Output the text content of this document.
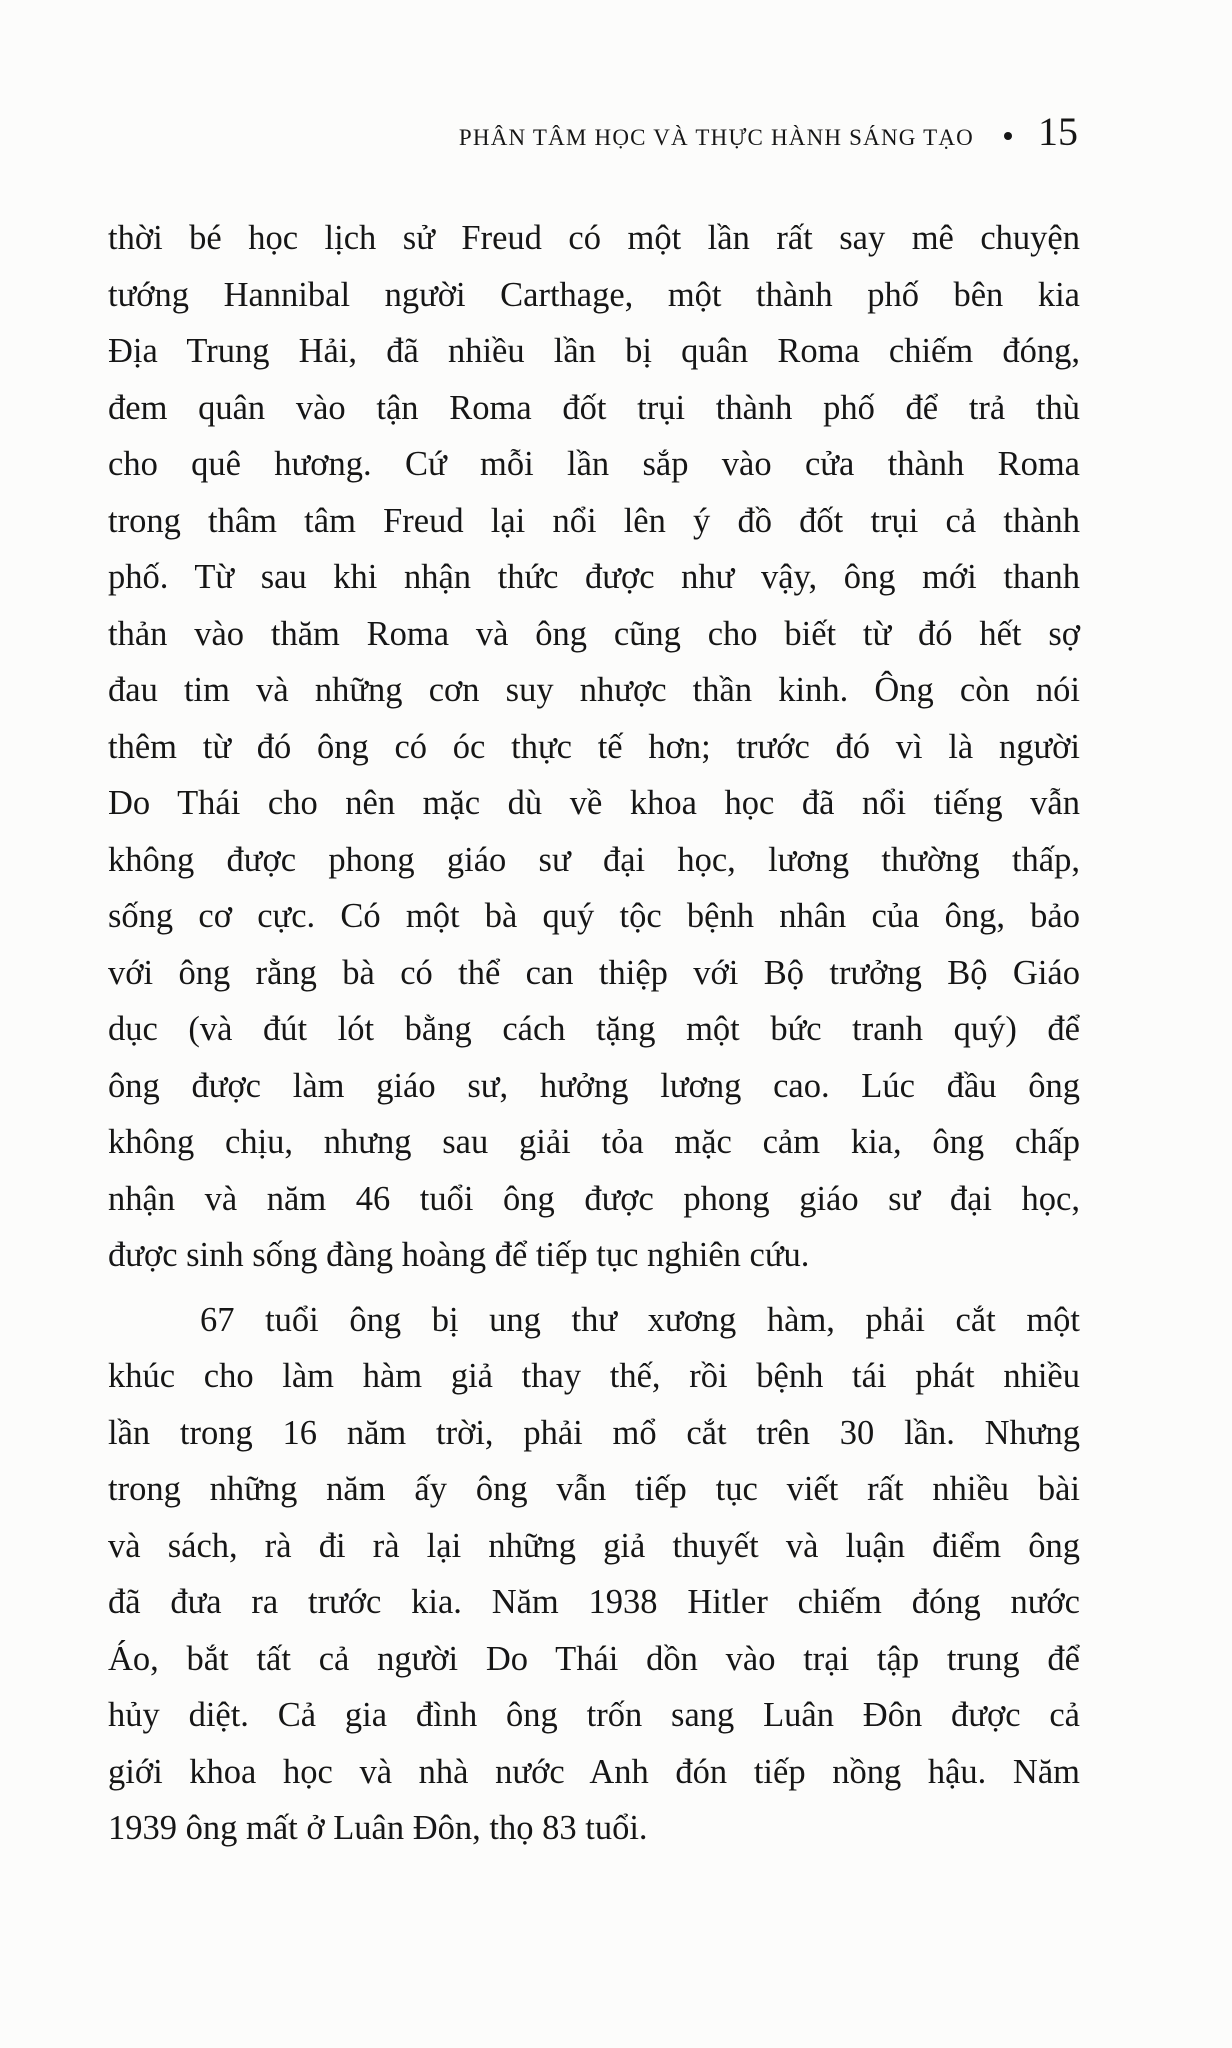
PHÂN TÂM HỌC VÀ THỰC HÀNH SÁNG TẠO 15

thời bé học lịch sử Freud có một lần rất say mê chuyện
tướng Hannibal người Carthage, một thành phố bên kia
Địa Trung Hải, đã nhiều lần bị quân Roma chiếm đóng,
đem quân vào tận Roma đốt trụi thành phố để trả thù
cho quê hương. Cứ mỗi lần sắp vào cửa thành Roma
trong thâm tâm Freud lại nổi lên ý đồ đốt trụi cả thành
phố. Từ sau khi nhận thức được như vậy, ông mới thanh
thản vào thăm Roma và ông cũng cho biết từ đó hết sợ
đau tim và những cơn suy nhược thần kinh. Ông còn nói
thêm từ đó ông có óc thực tế hơn; trước đó vì là người
Do Thái cho nên mặc dù về khoa học đã nổi tiếng vẫn
không được phong giáo sư đại học, lương thường thấp,
sống cơ cực. Có một bà quý tộc bệnh nhân của ông, bảo
với ông rằng bà có thể can thiệp với Bộ trưởng Bộ Giáo
dục (và đút lót bằng cách tặng một bức tranh quý) để
ông được làm giáo sư, hưởng lương cao. Lúc đầu ông
không chịu, nhưng sau giải tỏa mặc cảm kia, ông chấp
nhận và năm 46 tuổi ông được phong giáo sư đại học,
được sinh sống đàng hoàng để tiếp tục nghiên cứu.

67 tuổi ông bị ung thư xương hàm, phải cắt một
khúc cho làm hàm giả thay thế, rồi bệnh tái phát nhiều
lần trong 16 năm trời, phải mổ cắt trên 30 lần. Nhưng
trong những năm ấy ông vẫn tiếp tục viết rất nhiều bài
và sách, rà đi rà lại những giả thuyết và luận điểm ông
đã đưa ra trước kia. Năm 1938 Hitler chiếm đóng nước
Áo, bắt tất cả người Do Thái dồn vào trại tập trung để
hủy diệt. Cả gia đình ông trốn sang Luân Đôn được cả
giới khoa học và nhà nước Anh đón tiếp nồng hậu. Năm
1939 ông mất ở Luân Đôn, thọ 83 tuổi.
